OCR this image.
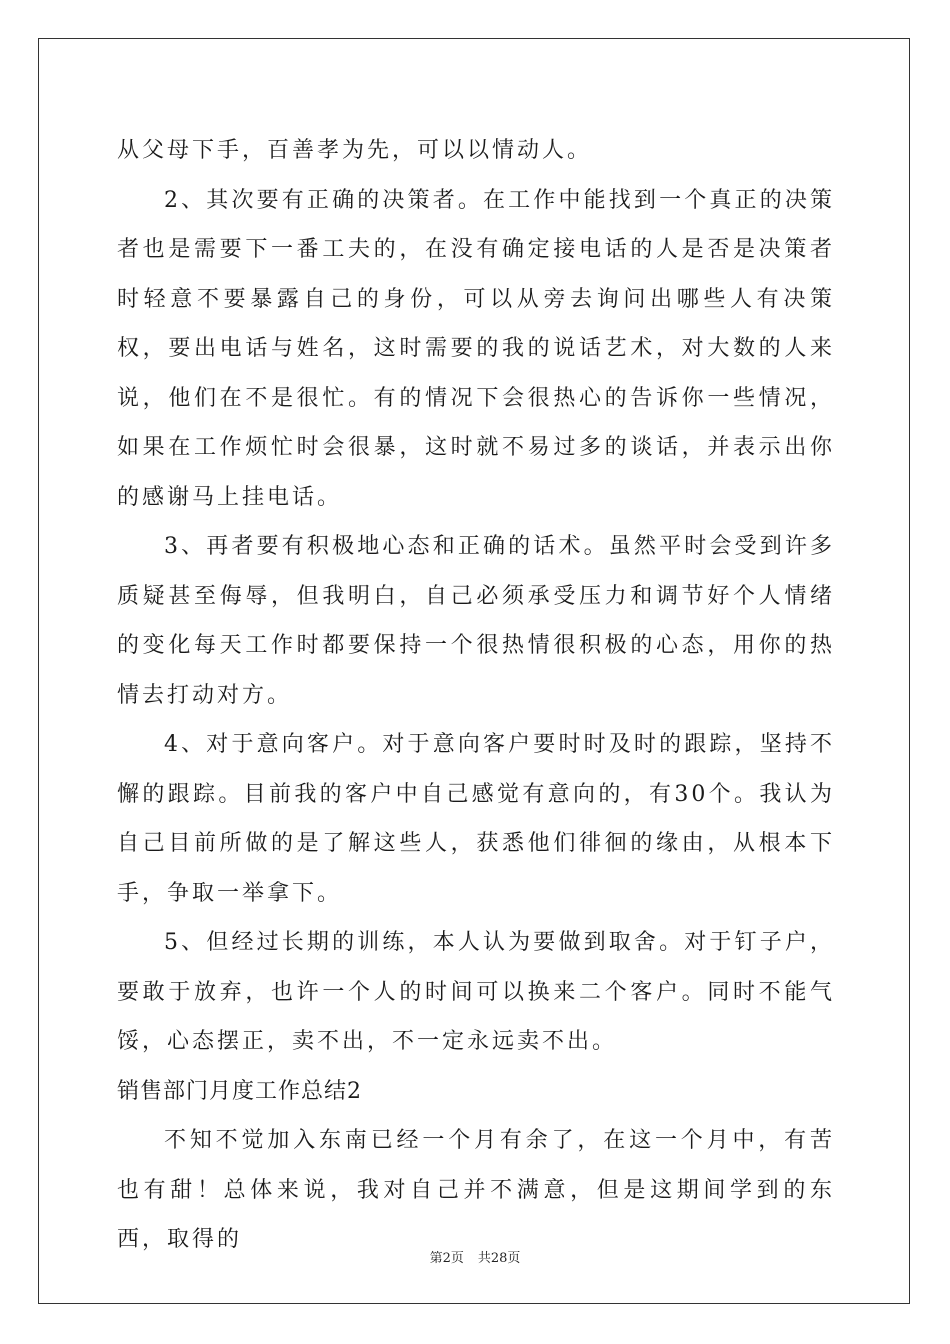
从父母下手，百善孝为先，可以以情动人。

2、其次要有正确的决策者。在工作中能找到一个真正的决策者也是需要下一番工夫的，在没有确定接电话的人是否是决策者时轻意不要暴露自己的身份，可以从旁去询问出哪些人有决策权，要出电话与姓名，这时需要的我的说话艺术，对大数的人来说，他们在不是很忙。有的情况下会很热心的告诉你一些情况，如果在工作烦忙时会很暴，这时就不易过多的谈话，并表示出你的感谢马上挂电话。

3、再者要有积极地心态和正确的话术。虽然平时会受到许多质疑甚至侮辱，但我明白，自己必须承受压力和调节好个人情绪的变化每天工作时都要保持一个很热情很积极的心态，用你的热情去打动对方。

4、对于意向客户。对于意向客户要时时及时的跟踪，坚持不懈的跟踪。目前我的客户中自己感觉有意向的，有30个。我认为自己目前所做的是了解这些人，获悉他们徘徊的缘由，从根本下手，争取一举拿下。

5、但经过长期的训练，本人认为要做到取舍。对于钉子户，要敢于放弃，也许一个人的时间可以换来二个客户。同时不能气馁，心态摆正，卖不出，不一定永远卖不出。

销售部门月度工作总结2

不知不觉加入东南已经一个月有余了，在这一个月中，有苦也有甜！总体来说，我对自己并不满意，但是这期间学到的东西，取得的

第2页 共28页
